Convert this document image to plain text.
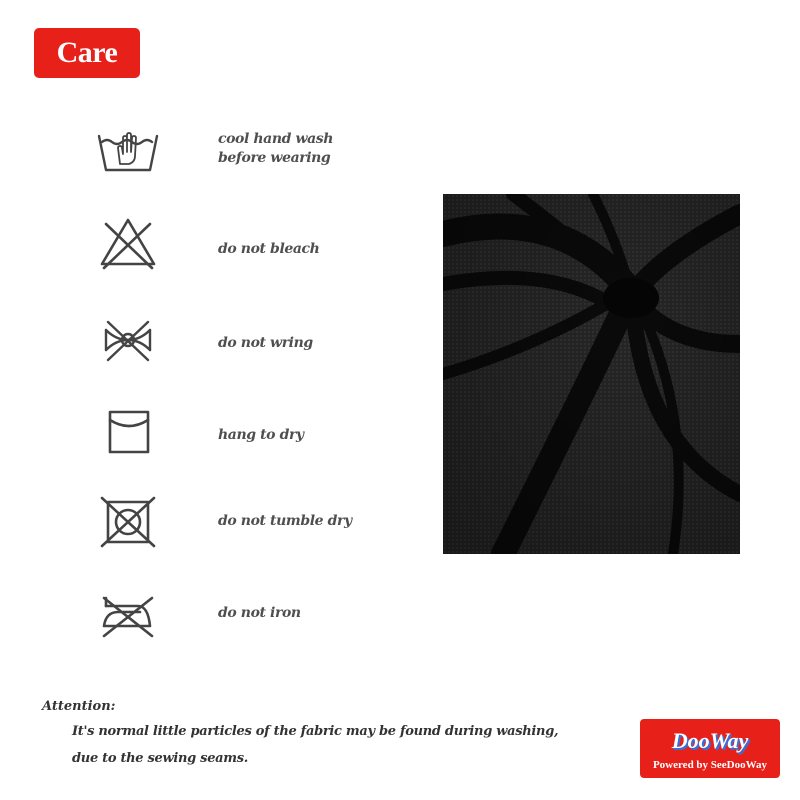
Care
cool hand wash
before wearing
do not bleach
do not wring
hang to dry
do not tumble dry
do not iron
Attention:
It's normal little particles of the fabric may be found during washing,
due to the sewing seams.
DooWay
Powered by SeeDooWay
